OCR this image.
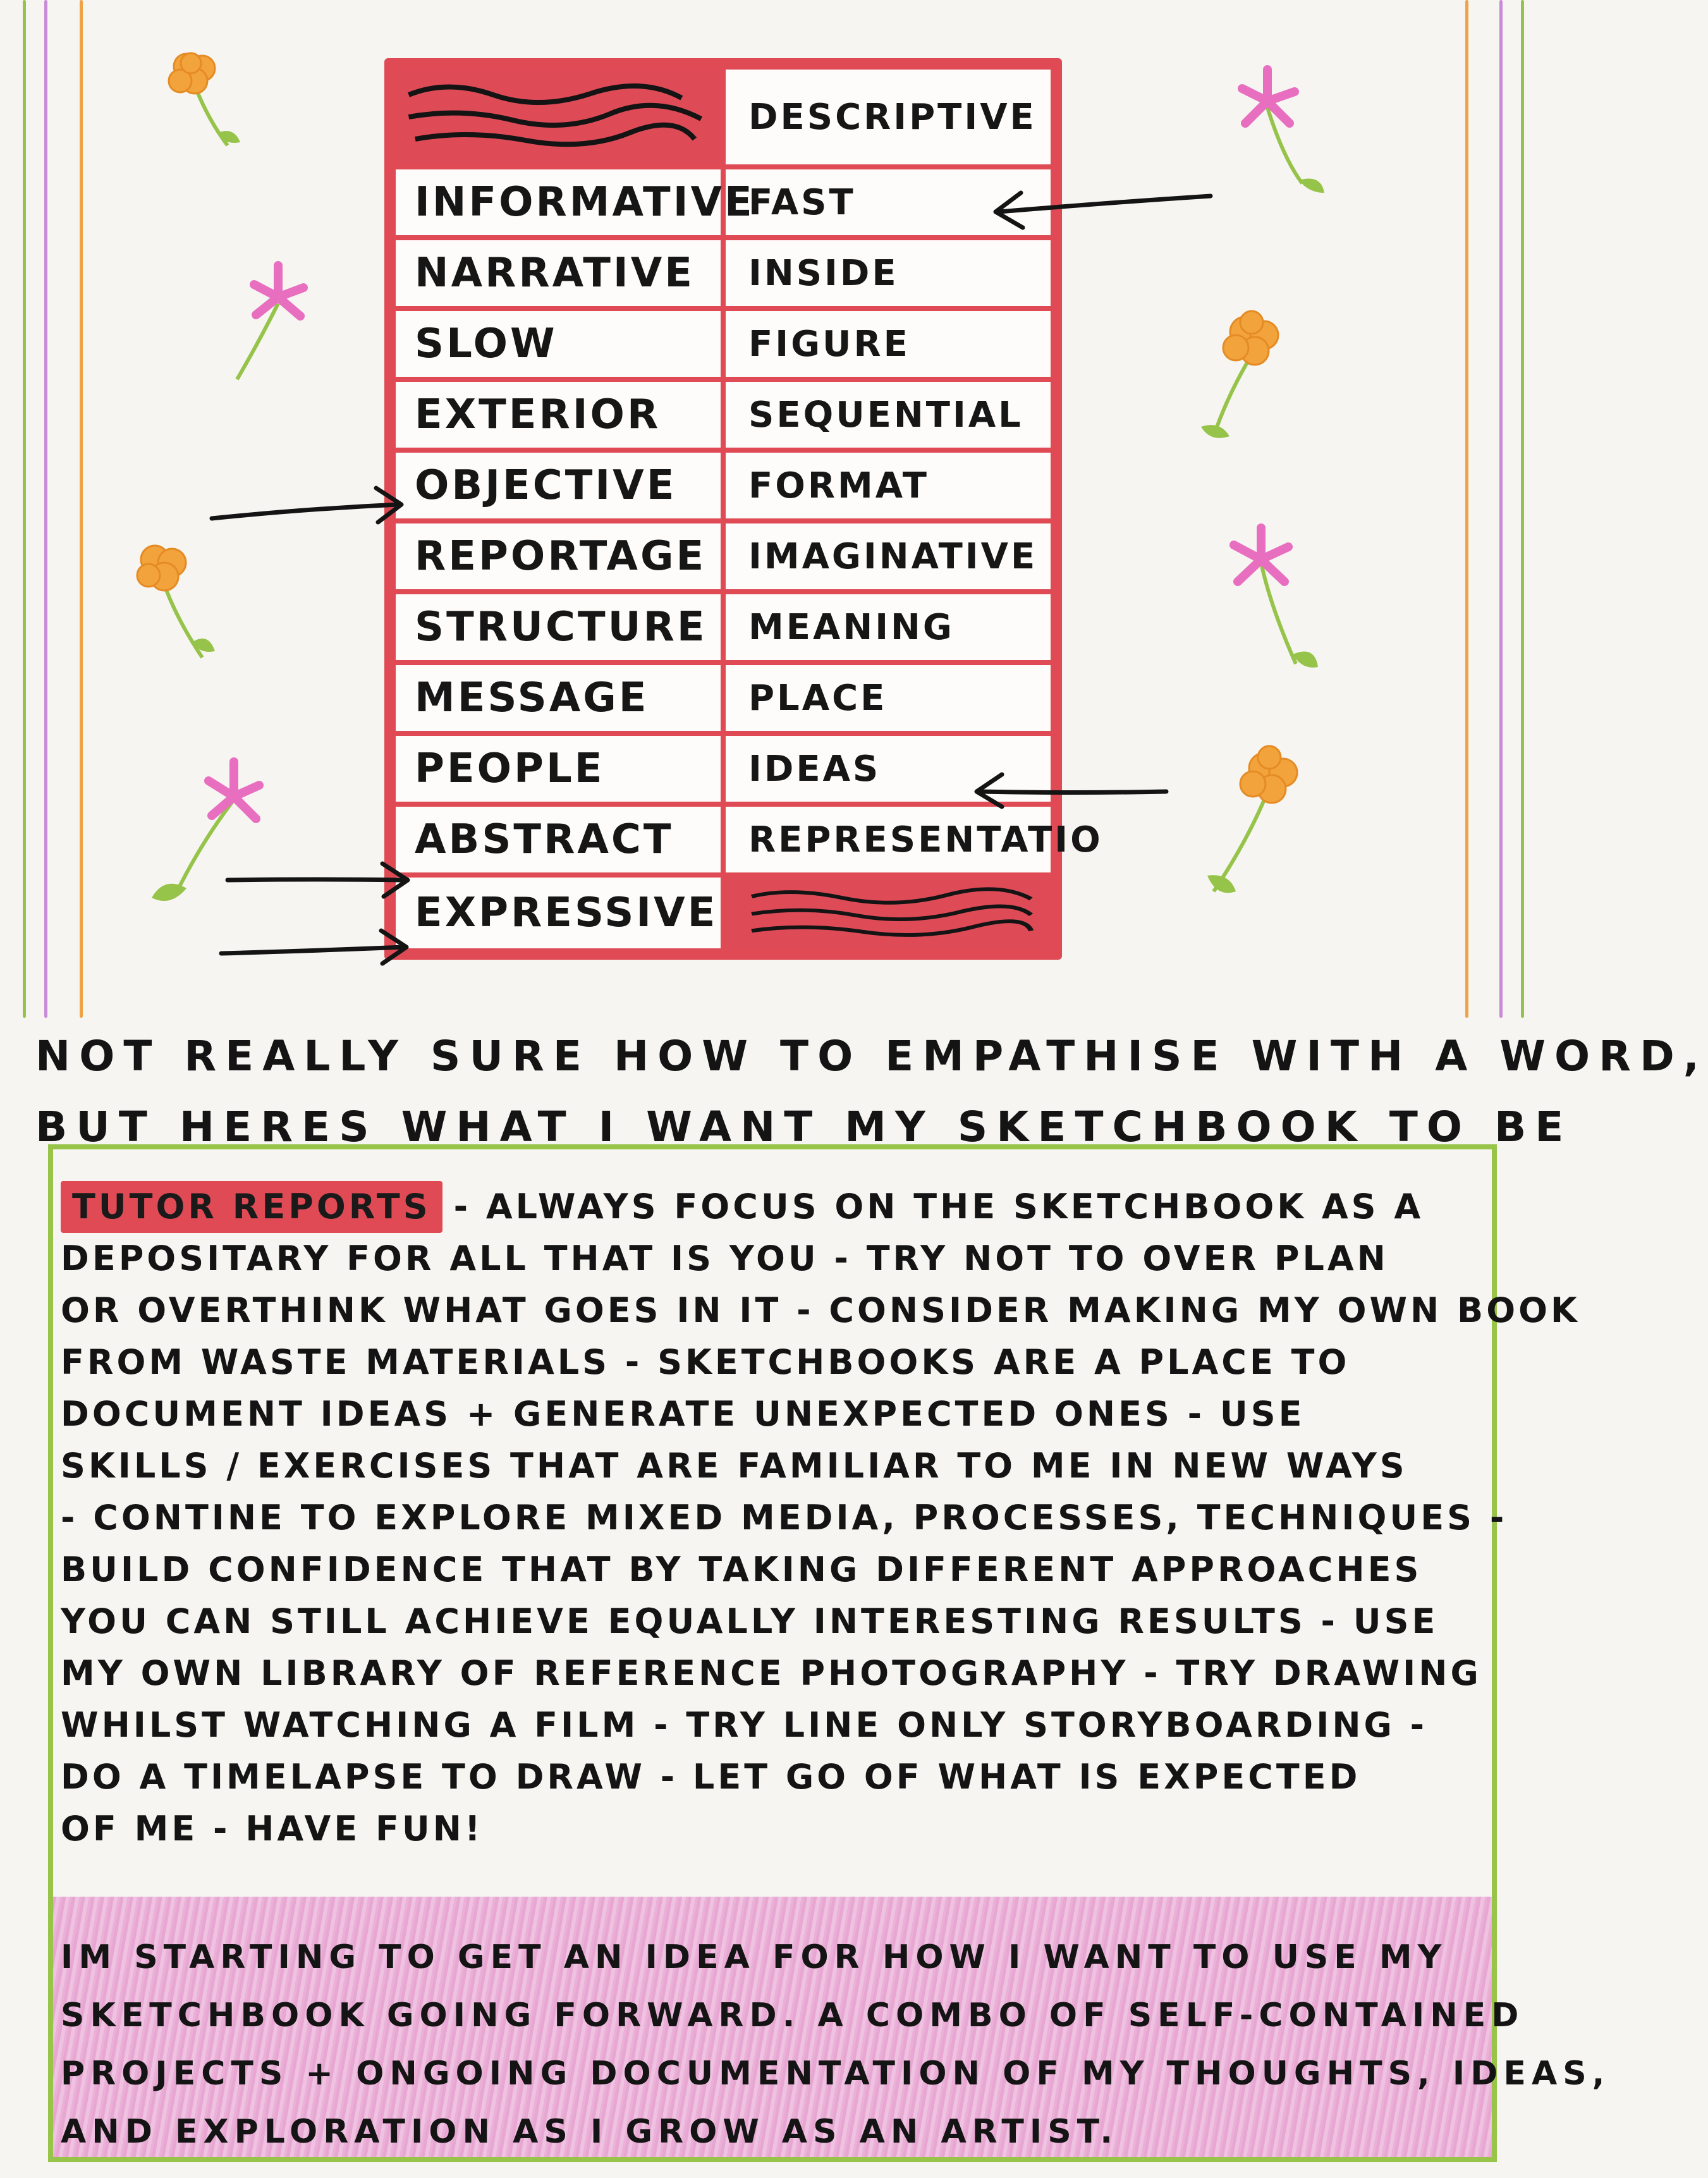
	DESCRIPTIVE
INFORMATIVE	FAST
NARRATIVE	INSIDE
SLOW	FIGURE
EXTERIOR	SEQUENTIAL
OBJECTIVE	FORMAT
REPORTAGE	IMAGINATIVE
STRUCTURE	MEANING
MESSAGE	PLACE
PEOPLE	IDEAS
ABSTRACT	REPRESENTATIO
EXPRESSIVE	
NOT REALLY SURE HOW TO EMPATHISE WITH A WORD,
BUT HERES WHAT I WANT MY SKETCHBOOK TO BE
TUTOR REPORTS - ALWAYS FOCUS ON THE SKETCHBOOK AS A
DEPOSITARY FOR ALL THAT IS YOU - TRY NOT TO OVER PLAN
OR OVERTHINK WHAT GOES IN IT - CONSIDER MAKING MY OWN BOOK
FROM WASTE MATERIALS - SKETCHBOOKS ARE A PLACE TO
DOCUMENT IDEAS + GENERATE UNEXPECTED ONES - USE
SKILLS / EXERCISES THAT ARE FAMILIAR TO ME IN NEW WAYS
- CONTINE TO EXPLORE MIXED MEDIA, PROCESSES, TECHNIQUES -
BUILD CONFIDENCE THAT BY TAKING DIFFERENT APPROACHES
YOU CAN STILL ACHIEVE EQUALLY INTERESTING RESULTS - USE
MY OWN LIBRARY OF REFERENCE PHOTOGRAPHY - TRY DRAWING
WHILST WATCHING A FILM - TRY LINE ONLY STORYBOARDING -
DO A TIMELAPSE TO DRAW - LET GO OF WHAT IS EXPECTED
OF ME - HAVE FUN!
IM STARTING TO GET AN IDEA FOR HOW I WANT TO USE MY
SKETCHBOOK GOING FORWARD. A COMBO OF SELF-CONTAINED
PROJECTS + ONGOING DOCUMENTATION OF MY THOUGHTS, IDEAS,
AND EXPLORATION AS I GROW AS AN ARTIST.
